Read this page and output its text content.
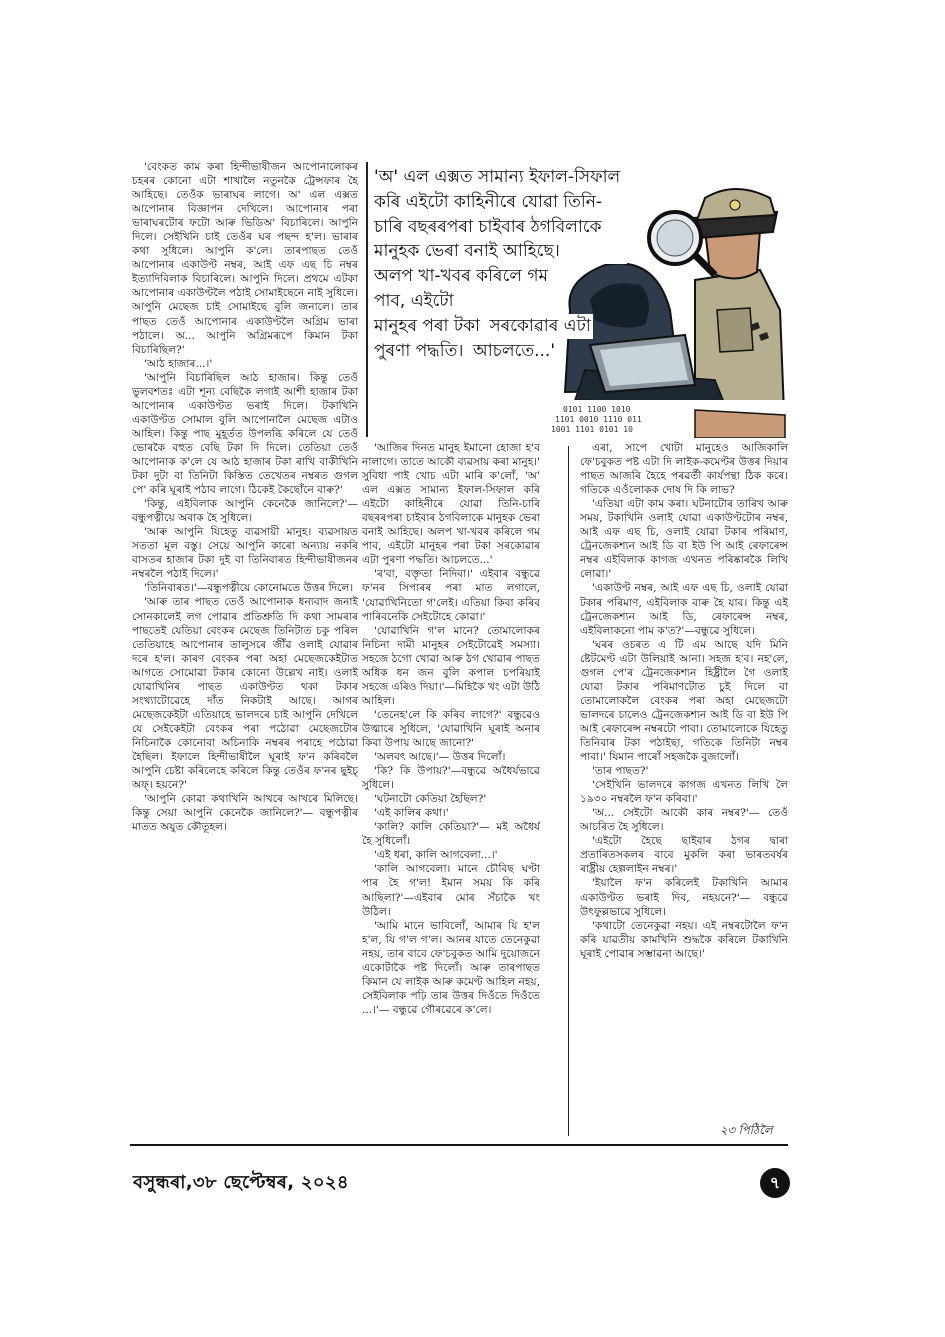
'বেংকত কাম কৰা হিন্দীভাষীজন আপোনালোকৰ চহৰৰ কোনো এটা শাখালৈ নতুনকৈ ট্ৰেন্সফাৰ হৈ আহিছে। তেওঁক ভাৰাঘৰ লাগে। অ' এল এক্সত আপোনাৰ বিজ্ঞাপন দেখিলে। আপোনাৰ পৰা ভাৰাঘৰটোৰ ফটো আৰু ভিডিঅ' বিচাৰিলে। আপুনি দিলে। সেইখিনি চাই তেওঁৰ ঘৰ পছন্দ হ'ল। ভাৰাৰ কথা সুধিলে। আপুনি ক'লে। তাৰপাছত তেওঁ আপোনাৰ একাউণ্ট নম্বৰ, আই এফ এছ চি নম্বৰ ইত্যাদিবিলাক বিচাৰিলে। আপুনি দিলে। প্ৰথমে এটকা আপোনাৰ একাউণ্টলৈ পঠাই সোমাইছেনে নাই সুধিলে। আপুনি মেছেজ চাই সোমাইছে বুলি জনালে। তাৰ পাছত তেওঁ আপোনাৰ একাউণ্টলৈ অগ্ৰিম ভাৰা পঠালে। অ... আপুনি অগ্ৰিমৰূপে কিমান টকা বিচাৰিছিল?'

'আঠ হাজাৰ...।'

'আপুনি বিচাৰিছিল আঠ হাজাৰ। কিন্তু তেওঁ ভুলবশতঃ এটা শূন্য বেছিকৈ লগাই আশী হাজাৰ টকা আপোনাৰ একাউণ্টত ভৰাই দিলে। টকাখিনি একাউণ্টত সোমাল বুলি আপোনালৈ মেছেজ এটাও আহিল। কিন্তু পাছ মুহূৰ্তত উপলব্ধি কৰিলে যে তেওঁ ভোৰকৈ বহুত বেছি টকা দি দিলে। তেতিয়া তেওঁ আপোনাক ক'লে যে আঠ হাজাৰ টকা ৰাখি বাকীখিনি টকা দুটা বা তিনিটা কিস্তিত তেখেতৰ নম্বৰত গুগল পে' কৰি ঘূৰাই পঠাব লাগে। ঠিকেই কৈছোঁনে বাৰু?'

'কিন্তু, এইবিলাক আপুনি কেনেকৈ জানিলে?'— বন্ধুপত্নীয়ে অবাক হৈ সুধিলে।

'আৰু আপুনি যিহেতু ব্যৱসায়ী মানুহ। ব্যৱসায়ত সততা মূল বস্তু। সেয়ে আপুনি কাৰো অন্যায় নকৰি বাসতৰ হাজাৰ টকা দুই বা তিনিবাৰত হিন্দীভাষীজনৰ নম্বৰলৈ পঠাই দিলে।'

'তিনিবাৰত।'—বন্ধুপত্নীয়ে কোনোমতে উত্তৰ দিলে।

'আৰু তাৰ পাছত তেওঁ আপোনাক ধন্যবাদ জনাই সোনকালেই লগ পোৱাৰ প্ৰতিশ্ৰুতি দি কথা সামৰাৰ পাছতেই যেতিয়া বেংকৰ মেছেজ তিনিটাত চকু পৰিল তেতিয়াহে আপোনাৰ তালুসৰে জীঁৱ ওলাই যোৱাৰ দৰে হ'ল। কাৰণ বেংকৰ পৰা অহা মেছেজকেইটাত আগতে সোমোৱা টকাৰ কোনো উল্লেখ নাই। ওলাই যোৱাখিনিৰ পাছত একাউণ্টত থকা টকাৰ সংখ্যাটোৱেহে দাঁত নিকটাই আছে। আগৰ মেছেজকেইটা এতিয়াহে ভালদৰে চাই আপুনি দেখিলে যে সেইকেইটা বেংকৰ পৰা পঠোৱা মেছেজটোৰ নিচিনাকৈ কোনোবা অচিনাকি নম্বৰৰ পৰাহে পঠোৱা হৈছিল। ইফালে হিন্দীভাষীলৈ ঘূৰাই ফ'ন কৰিবলৈ আপুনি চেষ্টা কৰিলেহে কৰিলে কিন্তু তেওঁৰ ফ'নৰ ছুইচ্‌ অফ্‌। হয়নে?'

'আপুনি কোৱা কথাখিনি আখৰে আখৰে মিলিছে। কিন্তু সেয়া আপুনি কেনেকৈ জানিলে?'— বন্ধুপত্নীৰ মাতত অযুত কৌতূহল।

0101 1100 1010
1101 0010 1110 011
1001 1101 0101 10
'অ' এল এক্সত সামান্য ইফাল-সিফাল
কৰি এইটো কাহিনীৰে যোৱা তিনি-
চাৰি বছৰৰপৰা চাইবাৰ ঠগবিলাকে
মানুহক ভেৰা বনাই আহিছে।
অলপ খা-খবৰ কৰিলে গম পাব, এইটো মানুহৰ পৰা টকা সৰকোৱাৰ এটা পুৰণা পদ্ধতি। আচলতে...'

'আজিৰ দিনত মানুহ ইমানো হোজা হ'ব নালাগে। তাতে আকৌ ব্যৱসায় কৰা মানুহ।' সুবিধা পাই খোচ এটা মাৰি ক'লোঁ, 'অ' এল এক্সত সামান্য ইফাল-সিফাল কৰি এইটো কাহিনীৰে যোৱা তিনি-চাৰি বছৰৰপৰা চাইবাৰ ঠগবিলাকে মানুহক ভেৰা বনাই আহিছে। অলপ খা-খবৰ কৰিলে গম পাব, এইটো মানুহৰ পৰা টকা সৰকোৱাৰ এটা পুৰণা পদ্ধতি। আচলতে...'

'ৰ'বা, বক্তৃতা নিদিবা।' এইবাৰ বন্ধুৱে ফ'নৰ সিপাৰৰ পৰা মাত লগালে, 'যোৱাখিনিতো গ'লেই। এতিয়া কিবা কৰিব পাৰিবনেকি সেইটোহে কোৱা।'

'যোৱাখিনি গ'ল মানে? তোমালোকৰ নিচিনা দামী মানুহৰ সেইটোৱেই সমস্যা। সহজে ঠগো খোৱা আৰু ঠগ খোৱাৰ পাছত অধিক ধন জন বুলি কপাল চপৰিয়াই সহজে এৰিও দিয়া।'—মিহিকৈ খং এটা উঠি আহিল।

'তেনেহ'লে কি কৰিব লাগে?' বন্ধুৱেও উত্মাৰে সুধিলে, 'যোৱাখিনি ঘূৰাই অনাৰ কিবা উপায় আছে জানো?'

'অলবৎ আছে।'— উত্তৰ দিলোঁ।

'কি? কি উপায়?'—বন্ধুৱে অধৈৰ্যভাৱে সুধিলে।

'ঘটনাটো কেতিয়া হৈছিল?'

'এই কালিৰ কথা।'

'কালি? কালি কেতিয়া?'— মই অধৈৰ্য হৈ সুধিলোঁ।

'এই ধৰা, কালি আগবেলা...।'

'কালি আগবেলা। মানে চৌবিছ ঘণ্টা পাৰ হৈ গ'ল! ইমান সময় কি কৰি আছিলা?'—এইবাৰ মোৰ সঁচাকৈ খং উঠিল।

'আমি মানে ভাবিলোঁ, আমাৰ যি হ'ল হ'ল, যি গ'ল গ'ল। আনৰ যাতে তেনেকুৱা নহয়, তাৰ বাবে ফে'চবুকত আমি দুয়োজনে একোটাকৈ পষ্ট দিলোঁ। আৰু তাৰপাছত কিমান যে লাইক আৰু কমেণ্ট আহিল নহয়, সেইবিলাক পঢ়ি তাৰ উত্তৰ দিওঁতে দিওঁতে ...।'— বন্ধুৱে গৌৰৱেৰে ক'লে।

এৰা, সাপে খোটা মানুহেও আজিকালি ফে'চবুকত পষ্ট এটা দি লাইক-কমেণ্টৰ উত্তৰ দিয়াৰ পাছত আজৰি হৈহে পৰৱৰ্তী কাৰ্যপন্থা ঠিক কৰে। গতিকে এওঁলোকক দোষ দি কি লাভ?

'এতিয়া এটা কাম কৰা। ঘটনাটোৰ তাৰিখ আৰু সময়, টকাখিনি ওলাই যোৱা একাউণ্টটোৰ নম্বৰ, আই এফ এছ চি, ওলাই যোৱা টকাৰ পৰিমাণ, ট্ৰেনজেকশ্যন আই ডি বা ইউ পি আই ৰেফাৰেন্স নম্বৰ এইবিলাক কাগজ এখনত পৰিষ্কাৰকৈ লিখি লোৱা।'

'একাউণ্ট নম্বৰ, আই এফ এছ চি, ওলাই যোৱা টকাৰ পৰিমাণ, এইবিলাক বাৰু হৈ যাব। কিন্তু এই ট্ৰেনজেকশ্যন আই ডি, ৰেফাৰেন্স নম্বৰ, এইবিলাকনো পাম ক'ত?'—বন্ধুৱে সুধিলে।

'ঘৰৰ ওচৰত এ টি এম আছে যদি মিনি ষ্টেটমেণ্ট এটা উলিয়াই আনা। সহজ হ'ব। নহ'লে, গুগল পে'ৰ ট্ৰেনজেকশ্যন হিষ্ট্ৰীলৈ গৈ ওলাই যোৱা টকাৰ পৰিমাণটোত চুই দিলে বা তোমালোকলৈ বেংকৰ পৰা অহা মেছেজটো ভালদৰে চালেও ট্ৰেনজেকশ্যন আই ডি বা ইউ পি আই ৰেফাৰেন্স নম্বৰটো পাবা। তোমালোকে যিহেতু তিনিবাৰ টকা পঠাইছা, গতিকে তিনিটা নম্বৰ পাবা।' যিমান পাৰোঁ সহজকৈ বুজালোঁ।

'তাৰ পাছত?'

'সেইখিনি ভালদৰে কাগজ এখনত লিখি লৈ ১৯৩০ নম্বৰলৈ ফ'ন কৰিবা।'

'অ... সেইটো আকৌ কাৰ নম্বৰ?'— তেওঁ আচৰিত হৈ সুধিলে।

'এইটো হৈছে ছাইবাৰ ঠগৰ দ্বাৰা প্ৰতাৰিতসকলৰ বাবে মুকলি কৰা ভাৰতবৰ্ষৰ ৰাষ্ট্ৰীয় হেল্পলাইন নম্বৰ।'

'ইয়ালৈ ফ'ন কৰিলেই টকাখিনি আমাৰ একাউণ্টত ভৰাই দিব, নহয়নে?'— বন্ধুৱে উৎফুল্লভাৱে সুধিলে।

'কথাটো তেনেকুৱা নহয়। এই নম্বৰটোলৈ ফ'ন কৰি যাৱতীয় কামখিনি শুদ্ধকৈ কৰিলে টকাখিনি ঘূৰাই পোৱাৰ সম্ভাৱনা আছে।'

২৩ পিঠিলৈ
বসুন্ধৰা,৩৮ ছেপ্টেম্বৰ, ২০২৪	৭
